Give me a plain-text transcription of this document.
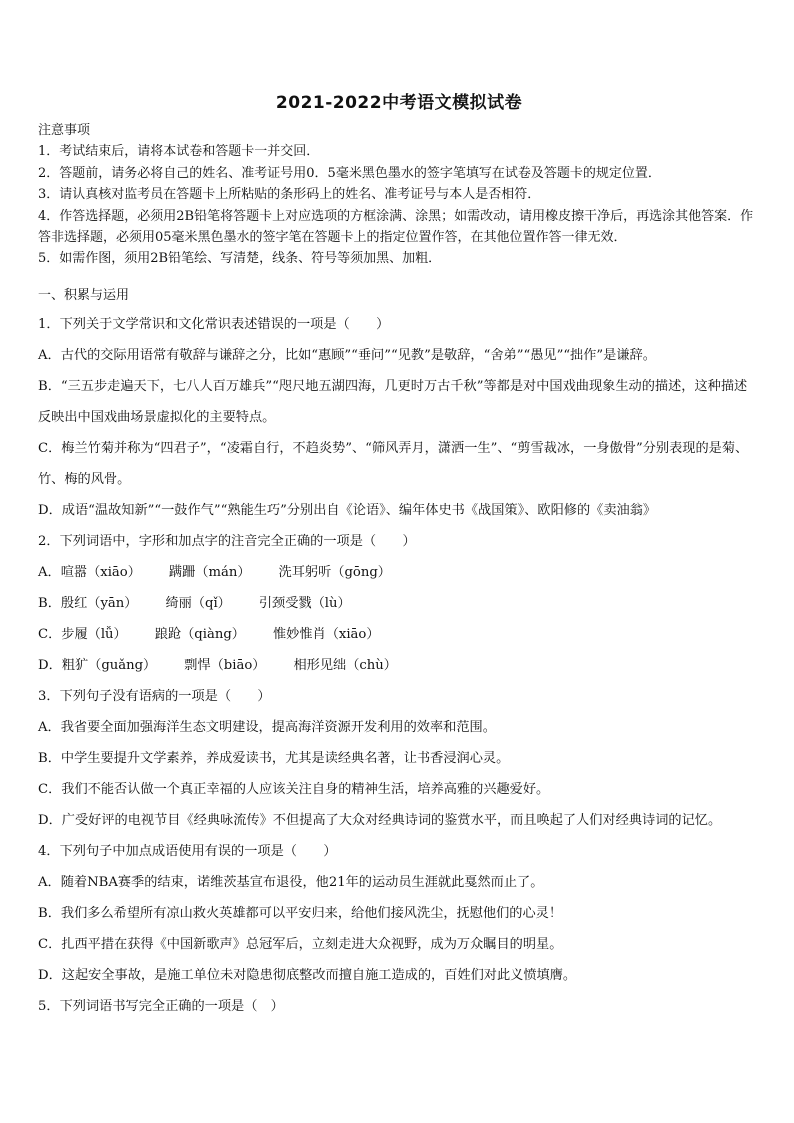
2021-2022中考语文模拟试卷
注意事项
1．考试结束后，请将本试卷和答题卡一并交回．
2．答题前，请务必将自己的姓名、准考证号用0．5毫米黑色墨水的签字笔填写在试卷及答题卡的规定位置．
3．请认真核对监考员在答题卡上所粘贴的条形码上的姓名、准考证号与本人是否相符．
4．作答选择题，必须用2B铅笔将答题卡上对应选项的方框涂满、涂黑；如需改动，请用橡皮擦干净后，再选涂其他答案．作答非选择题，必须用05毫米黑色墨水的签字笔在答题卡上的指定位置作答，在其他位置作答一律无效．
5．如需作图，须用2B铅笔绘、写清楚，线条、符号等须加黑、加粗．
一、积累与运用
1．下列关于文学常识和文化常识表述错误的一项是（　　）
A．古代的交际用语常有敬辞与谦辞之分，比如“惠顾”“垂问”“见教”是敬辞，“舍弟”“愚见”“拙作”是谦辞。
B．“三五步走遍天下，七八人百万雄兵”“咫尺地五湖四海，几更时万古千秋”等都是对中国戏曲现象生动的描述，这种描述反映出中国戏曲场景虚拟化的主要特点。
C．梅兰竹菊并称为“四君子”，“凌霜自行，不趋炎势”、“筛风弄月，潇洒一生”、“剪雪裁冰，一身傲骨”分别表现的是菊、竹、梅的风骨。
D．成语“温故知新”“一鼓作气”“熟能生巧”分别出自《论语》、编年体史书《战国策》、欧阳修的《卖油翁》
2．下列词语中，字形和加点字的注音完全正确的一项是（　　）
A．喧嚣（xiāo） 蹒跚（mán） 洗耳躬听（gōng）
B．殷红（yān） 绮丽（qǐ） 引颈受戮（lù）
C．步履（lǚ） 踉跄（qiàng） 惟妙惟肖（xiāo）
D．粗犷（guǎng） 剽悍（biāo） 相形见绌（chù）
3．下列句子没有语病的一项是（　　）
A．我省要全面加强海洋生态文明建设，提高海洋资源开发利用的效率和范围。
B．中学生要提升文学素养，养成爱读书，尤其是读经典名著，让书香浸润心灵。
C．我们不能否认做一个真正幸福的人应该关注自身的精神生活，培养高雅的兴趣爱好。
D．广受好评的电视节目《经典咏流传》不但提高了大众对经典诗词的鉴赏水平，而且唤起了人们对经典诗词的记忆。
4．下列句子中加点成语使用有误的一项是（　　）
A．随着NBA赛季的结束，诺维茨基宣布退役，他21年的运动员生涯就此戛然而止了。
B．我们多么希望所有凉山救火英雄都可以平安归来，给他们接风洗尘，抚慰他们的心灵！
C．扎西平措在获得《中国新歌声》总冠军后，立刻走进大众视野，成为万众瞩目的明星。
D．这起安全事故，是施工单位未对隐患彻底整改而擅自施工造成的，百姓们对此义愤填膺。
5．下列词语书写完全正确的一项是（　）
